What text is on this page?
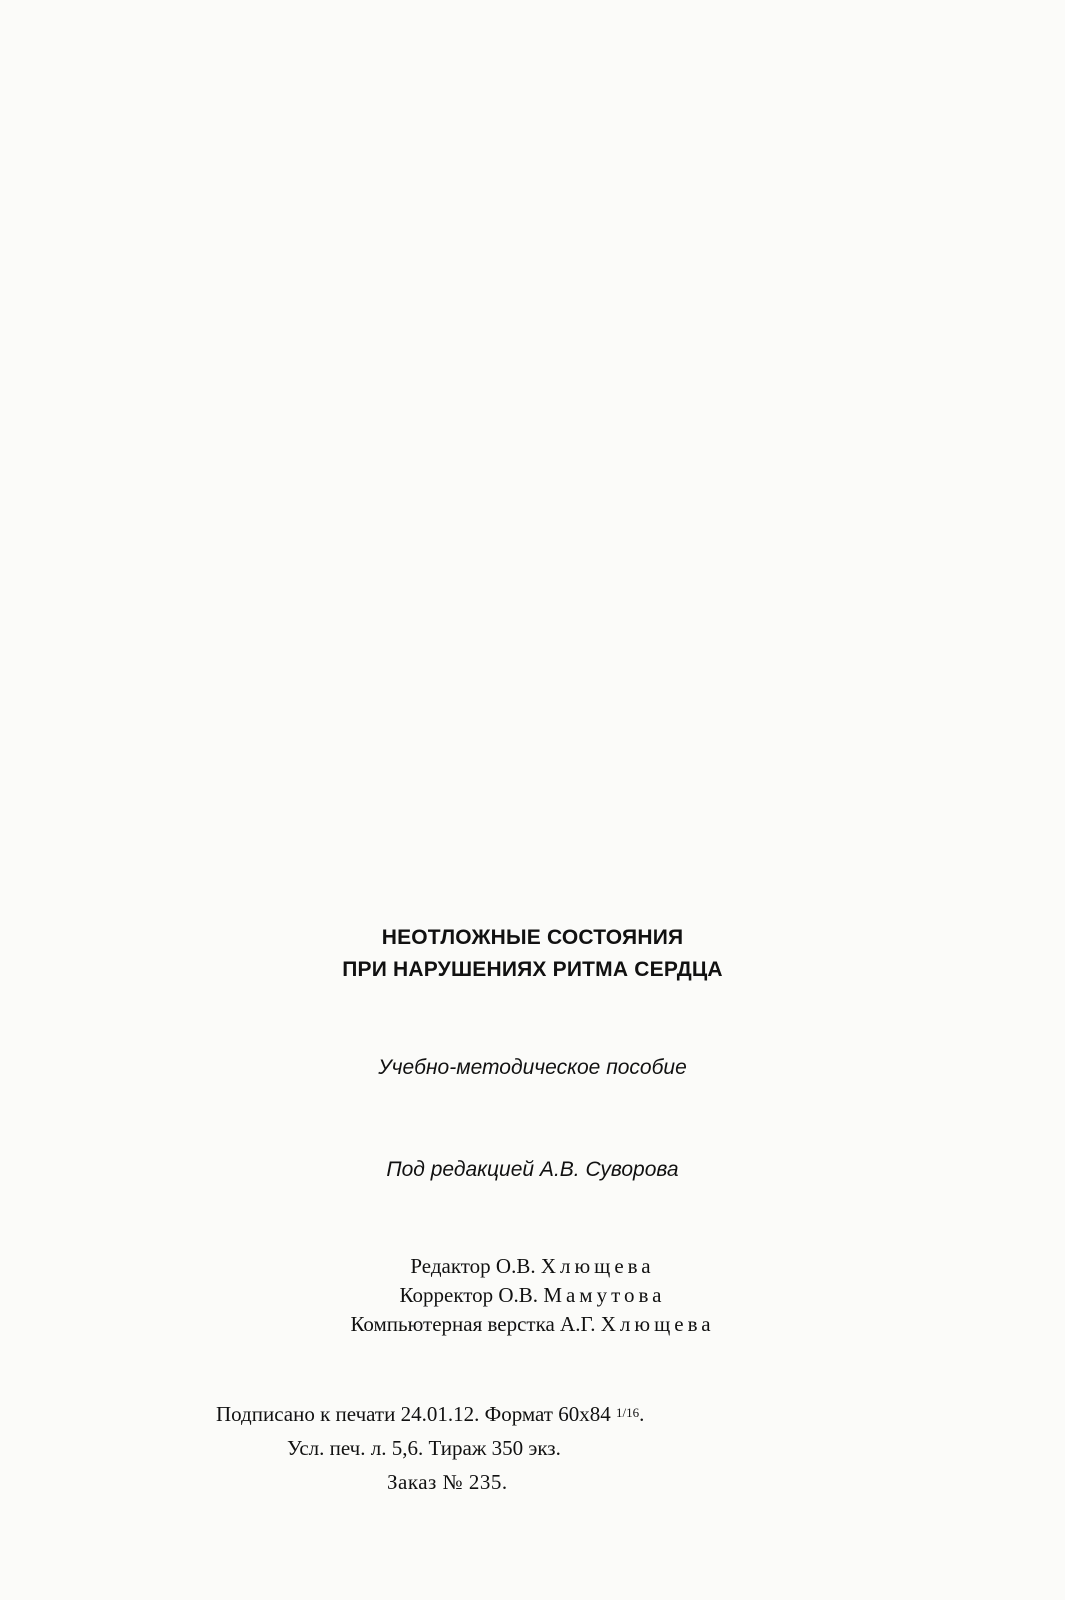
НЕОТЛОЖНЫЕ СОСТОЯНИЯ
ПРИ НАРУШЕНИЯХ РИТМА СЕРДЦА
Учебно-методическое пособие
Под редакцией А.В. Суворова
Редактор О.В. Хлющева
Корректор О.В. Мамутова
Компьютерная верстка А.Г. Хлющева
Подписано к печати 24.01.12. Формат 60х84 1/16.
Усл. печ. л. 5,6. Тираж 350 экз.
Заказ № 235.
